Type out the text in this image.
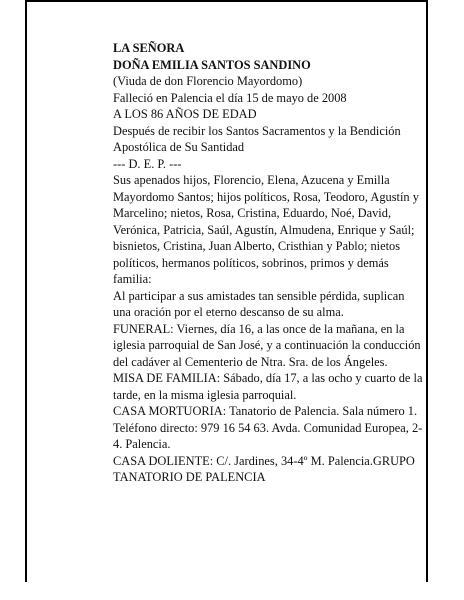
LA SEÑORA

DOÑA EMILIA SANTOS SANDINO

(Viuda de don Florencio Mayordomo)

Falleció en Palencia el día 15 de mayo de 2008

A LOS 86 AÑOS DE EDAD

Después de recibir los Santos Sacramentos y la Bendición Apostólica de Su Santidad

--- D. E. P. ---

Sus apenados hijos, Florencio, Elena, Azucena y Emilla Mayordomo Santos; hijos políticos, Rosa, Teodoro, Agustín y Marcelino; nietos, Rosa, Cristina, Eduardo, Noé, David, Verónica, Patricia, Saúl, Agustín, Almudena, Enrique y Saúl; bisnietos, Cristina, Juan Alberto, Cristhian y Pablo; nietos políticos, hermanos políticos, sobrinos, primos y demás familia:

Al participar a sus amistades tan sensible pérdida, suplican una oración por el eterno descanso de su alma.

FUNERAL: Viernes, día 16, a las once de la mañana, en la iglesia parroquial de San José, y a continuación la conducción del cadáver al Cementerio de Ntra. Sra. de los Ángeles.

MISA DE FAMILIA: Sábado, día 17, a las ocho y cuarto de la tarde, en la misma iglesia parroquial.

CASA MORTUORIA: Tanatorio de Palencia. Sala número 1. Teléfono directo: 979 16 54 63. Avda. Comunidad Europea, 2-4. Palencia.

CASA DOLIENTE: C/. Jardines, 34-4º M. Palencia.GRUPO TANATORIO DE PALENCIA
